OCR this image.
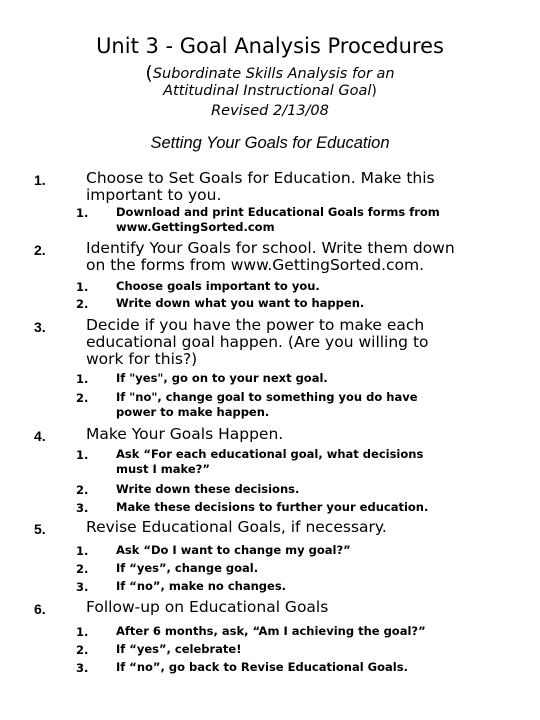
Unit 3 - Goal Analysis Procedures
(Subordinate Skills Analysis for an
Attitudinal Instructional Goal)
Revised 2/13/08
Setting Your Goals for Education
1.	Choose to Set Goals for Education. Make this
important to you.
1. Download and print Educational Goals forms from
www.GettingSorted.com
2.	Identify Your Goals for school. Write them down
on the forms from www.GettingSorted.com.
1. Choose goals important to you.
2. Write down what you want to happen.
3.	Decide if you have the power to make each
educational goal happen. (Are you willing to
work for this?)
1. If "yes", go on to your next goal.
2. If "no", change goal to something you do have
power to make happen.
4.	Make Your Goals Happen.
1. Ask “For each educational goal, what decisions
must I make?”
2. Write down these decisions.
3. Make these decisions to further your education.
5.	Revise Educational Goals, if necessary.
1. Ask “Do I want to change my goal?”
2. If “yes”, change goal.
3. If “no”, make no changes.
6.	Follow-up on Educational Goals
1. After 6 months, ask, “Am I achieving the goal?”
2. If “yes”, celebrate!
3. If “no”, go back to Revise Educational Goals.
